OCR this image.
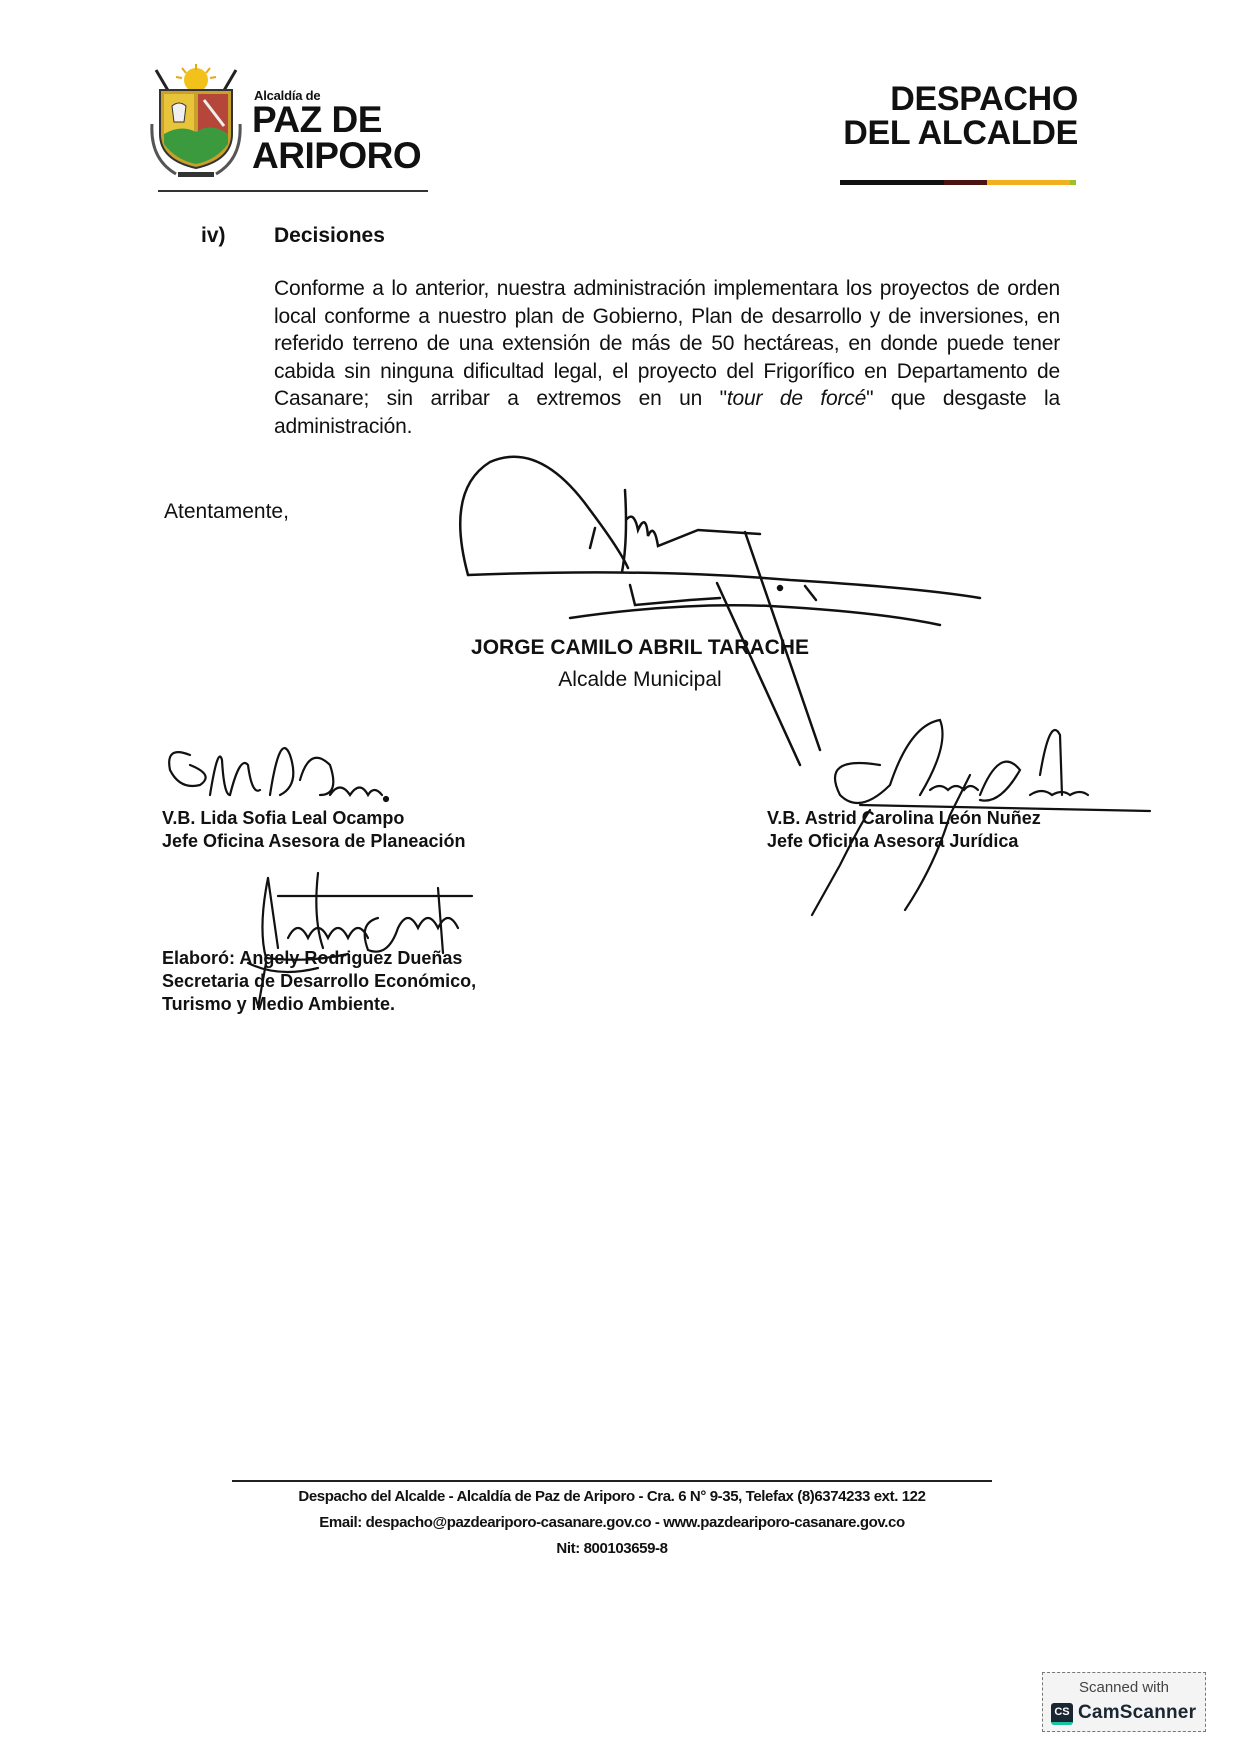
Alcaldía de
PAZ DE
ARIPORO
DESPACHO
DEL ALCALDE
iv) Decisiones
Conforme a lo anterior, nuestra administración implementara los proyectos de orden local conforme a nuestro plan de Gobierno, Plan de desarrollo y de inversiones, en referido terreno de una extensión de más de 50 hectáreas, en donde puede tener cabida sin ninguna dificultad legal, el proyecto del Frigorífico en Departamento de Casanare; sin arribar a extremos en un "tour de forcé" que desgaste la administración.
Atentamente,
JORGE CAMILO ABRIL TARACHE
Alcalde Municipal
V.B. Lida Sofia Leal Ocampo
Jefe Oficina Asesora de Planeación
V.B. Astrid Carolina León Nuñez
Jefe Oficina Asesora Jurídica
Elaboró: Angely Rodriguez Dueñas
Secretaria de Desarrollo Económico,
Turismo y Medio Ambiente.
Despacho del Alcalde - Alcaldía de Paz de Ariporo - Cra. 6 N° 9-35, Telefax (8)6374233 ext. 122
Email: despacho@pazdeariporo-casanare.gov.co - www.pazdeariporo-casanare.gov.co
Nit: 800103659-8
Scanned with
CS CamScanner
